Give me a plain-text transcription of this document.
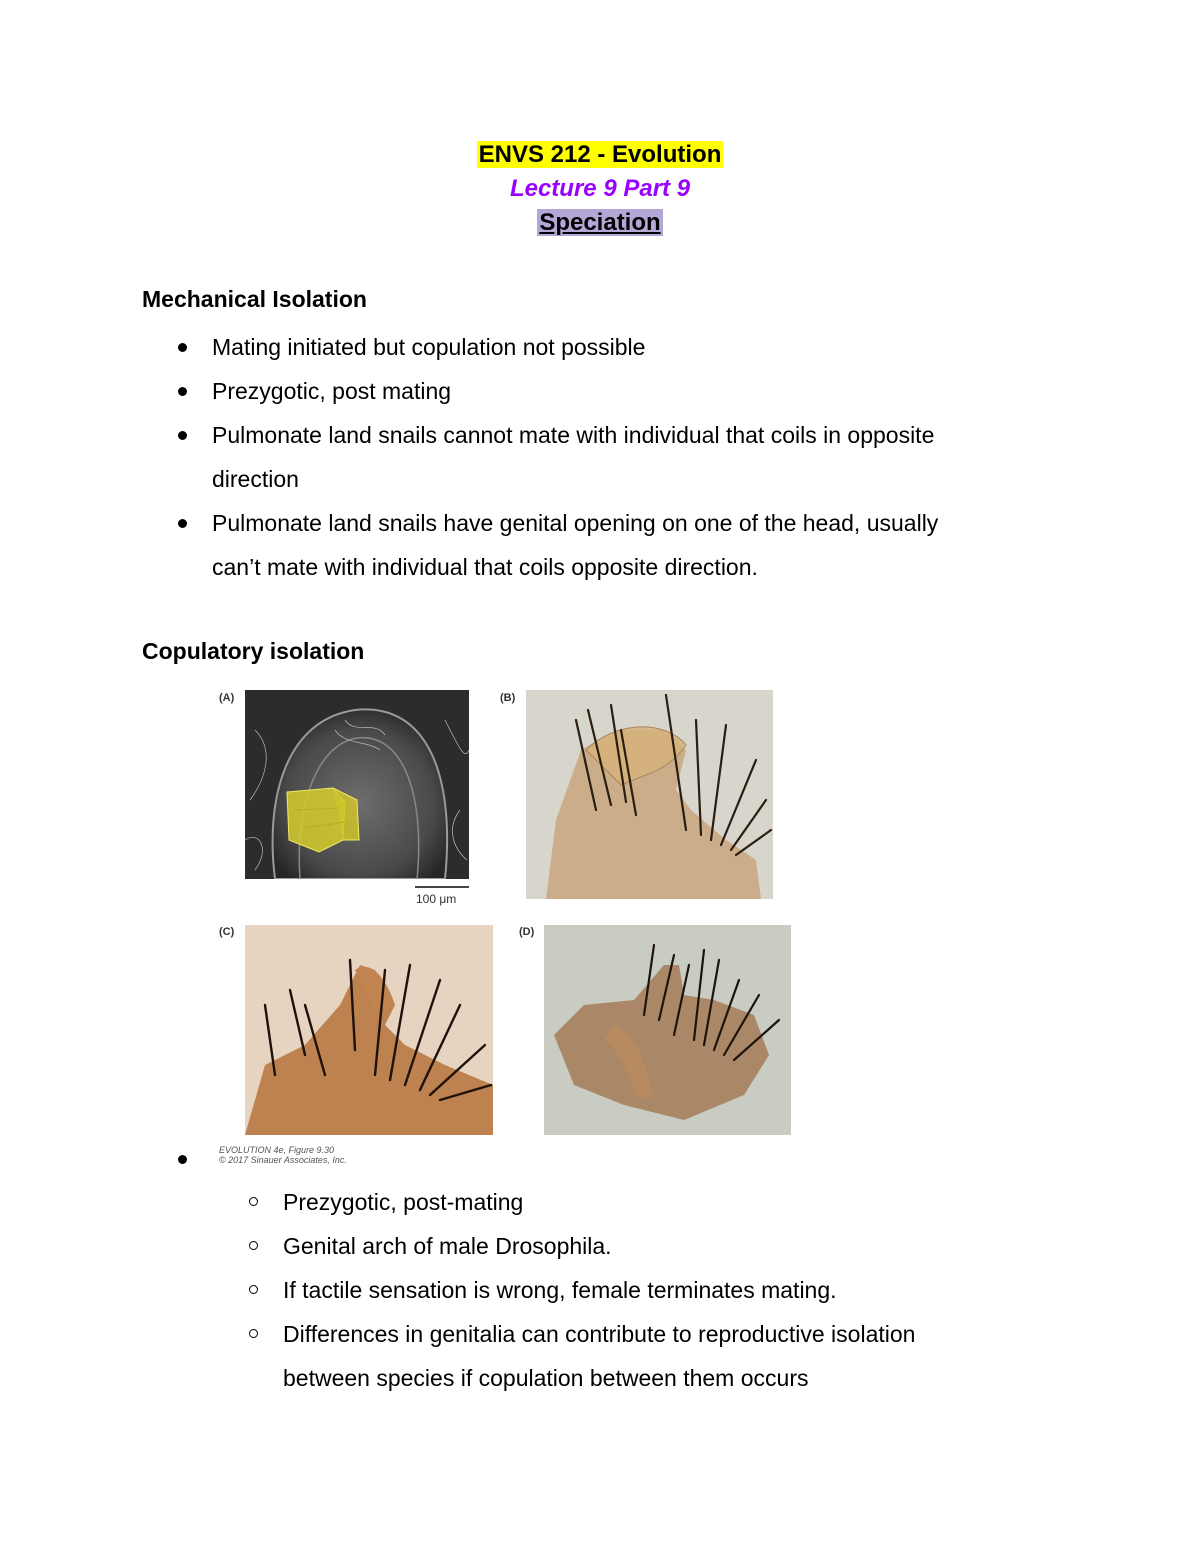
ENVS 212 - Evolution
Lecture 9 Part 9
Speciation
Mechanical Isolation
Mating initiated but copulation not possible
Prezygotic, post mating
Pulmonate land snails cannot mate with individual that coils in opposite
direction
Pulmonate land snails have genital opening on one of the head, usually
can’t mate with individual that coils opposite direction.
Copulatory isolation
(A)
100 μm
(B)
(C)	(D)
EVOLUTION 4e, Figure 9.30
© 2017 Sinauer Associates, Inc.
Prezygotic, post-mating
Genital arch of male Drosophila.
If tactile sensation is wrong, female terminates mating.
Differences in genitalia can contribute to reproductive isolation
between species if copulation between them occurs
